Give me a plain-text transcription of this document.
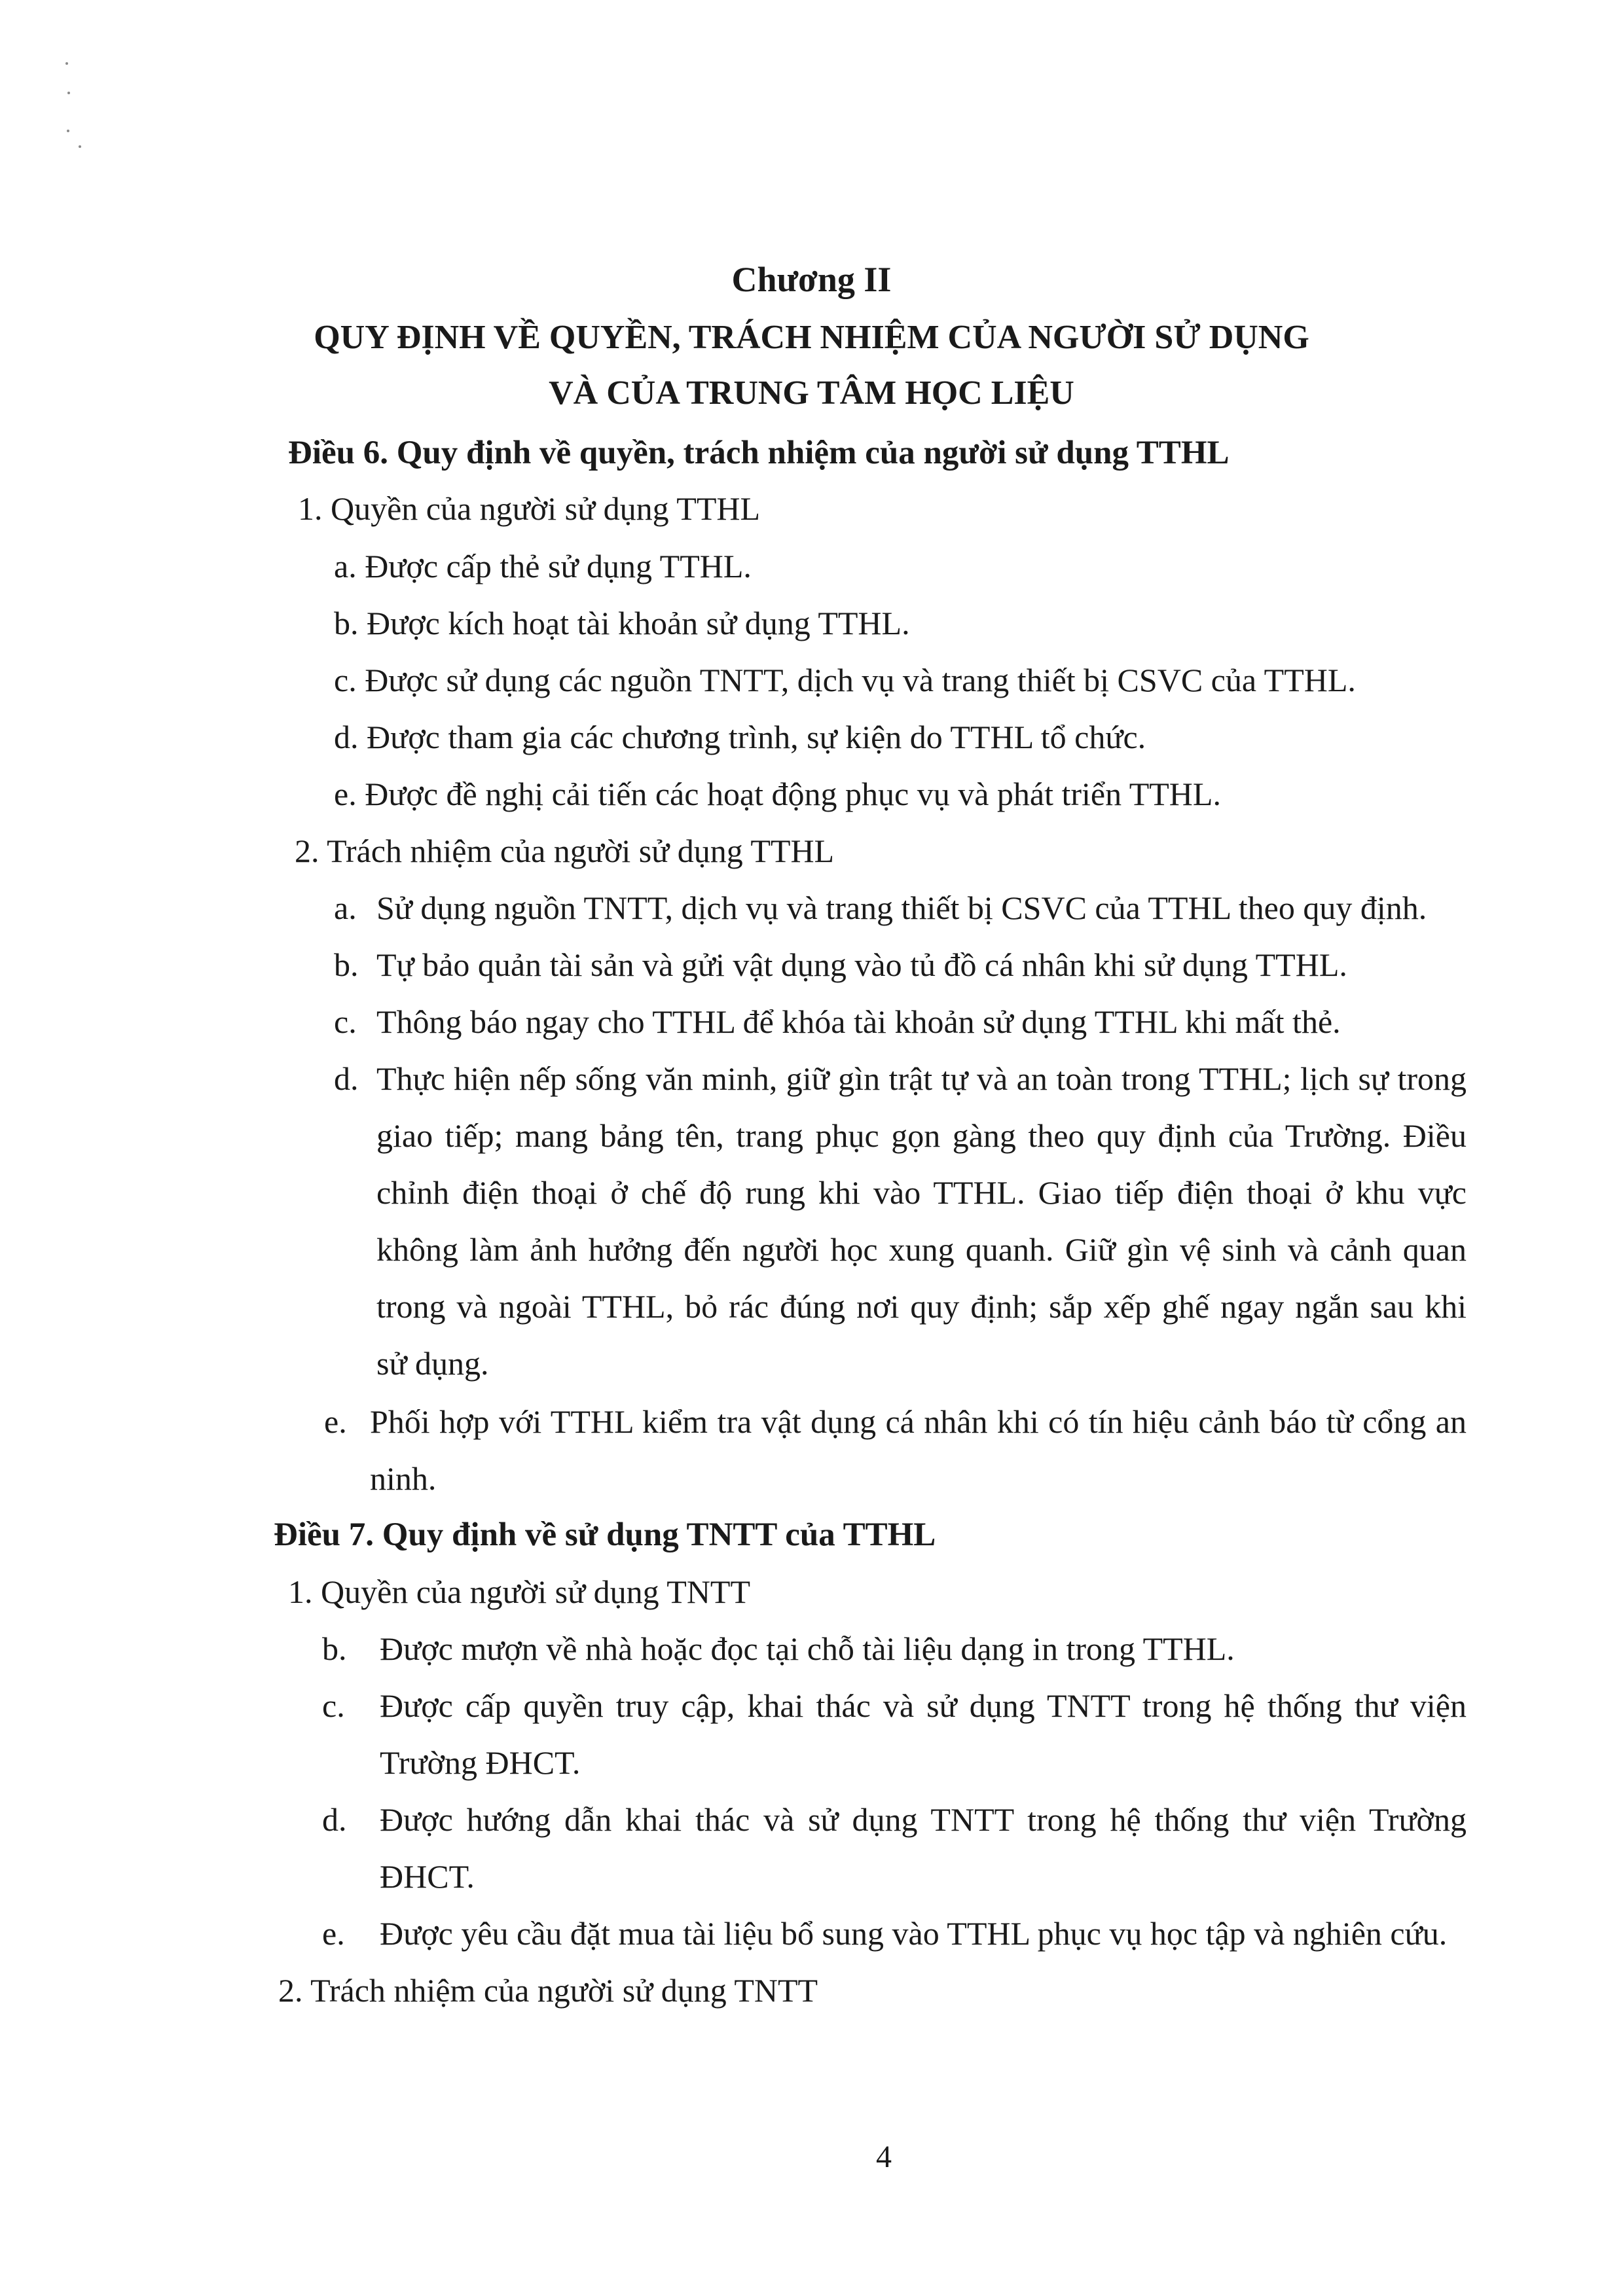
Chương II
QUY ĐỊNH VỀ QUYỀN, TRÁCH NHIỆM CỦA NGƯỜI SỬ DỤNG
VÀ CỦA TRUNG TÂM HỌC LIỆU
Điều 6. Quy định về quyền, trách nhiệm của người sử dụng TTHL
1. Quyền của người sử dụng TTHL
a. Được cấp thẻ sử dụng TTHL.
b. Được kích hoạt tài khoản sử dụng TTHL.
c. Được sử dụng các nguồn TNTT, dịch vụ và trang thiết bị CSVC của TTHL.
d. Được tham gia các chương trình, sự kiện do TTHL tổ chức.
e. Được đề nghị cải tiến các hoạt động phục vụ và phát triển TTHL.
2. Trách nhiệm của người sử dụng TTHL
a. Sử dụng nguồn TNTT, dịch vụ và trang thiết bị CSVC của TTHL theo quy định.
b. Tự bảo quản tài sản và gửi vật dụng vào tủ đồ cá nhân khi sử dụng TTHL.
c. Thông báo ngay cho TTHL để khóa tài khoản sử dụng TTHL khi mất thẻ.
d. Thực hiện nếp sống văn minh, giữ gìn trật tự và an toàn trong TTHL; lịch sự trong
giao tiếp; mang bảng tên, trang phục gọn gàng theo quy định của Trường. Điều
chỉnh điện thoại ở chế độ rung khi vào TTHL. Giao tiếp điện thoại ở khu vực
không làm ảnh hưởng đến người học xung quanh. Giữ gìn vệ sinh và cảnh quan
trong và ngoài TTHL, bỏ rác đúng nơi quy định; sắp xếp ghế ngay ngắn sau khi
sử dụng.
e. Phối hợp với TTHL kiểm tra vật dụng cá nhân khi có tín hiệu cảnh báo từ cổng an
ninh.
Điều 7. Quy định về sử dụng TNTT của TTHL
1. Quyền của người sử dụng TNTT
b. Được mượn về nhà hoặc đọc tại chỗ tài liệu dạng in trong TTHL.
c. Được cấp quyền truy cập, khai thác và sử dụng TNTT trong hệ thống thư viện
Trường ĐHCT.
d. Được hướng dẫn khai thác và sử dụng TNTT trong hệ thống thư viện Trường
ĐHCT.
e. Được yêu cầu đặt mua tài liệu bổ sung vào TTHL phục vụ học tập và nghiên cứu.
2. Trách nhiệm của người sử dụng TNTT
4
